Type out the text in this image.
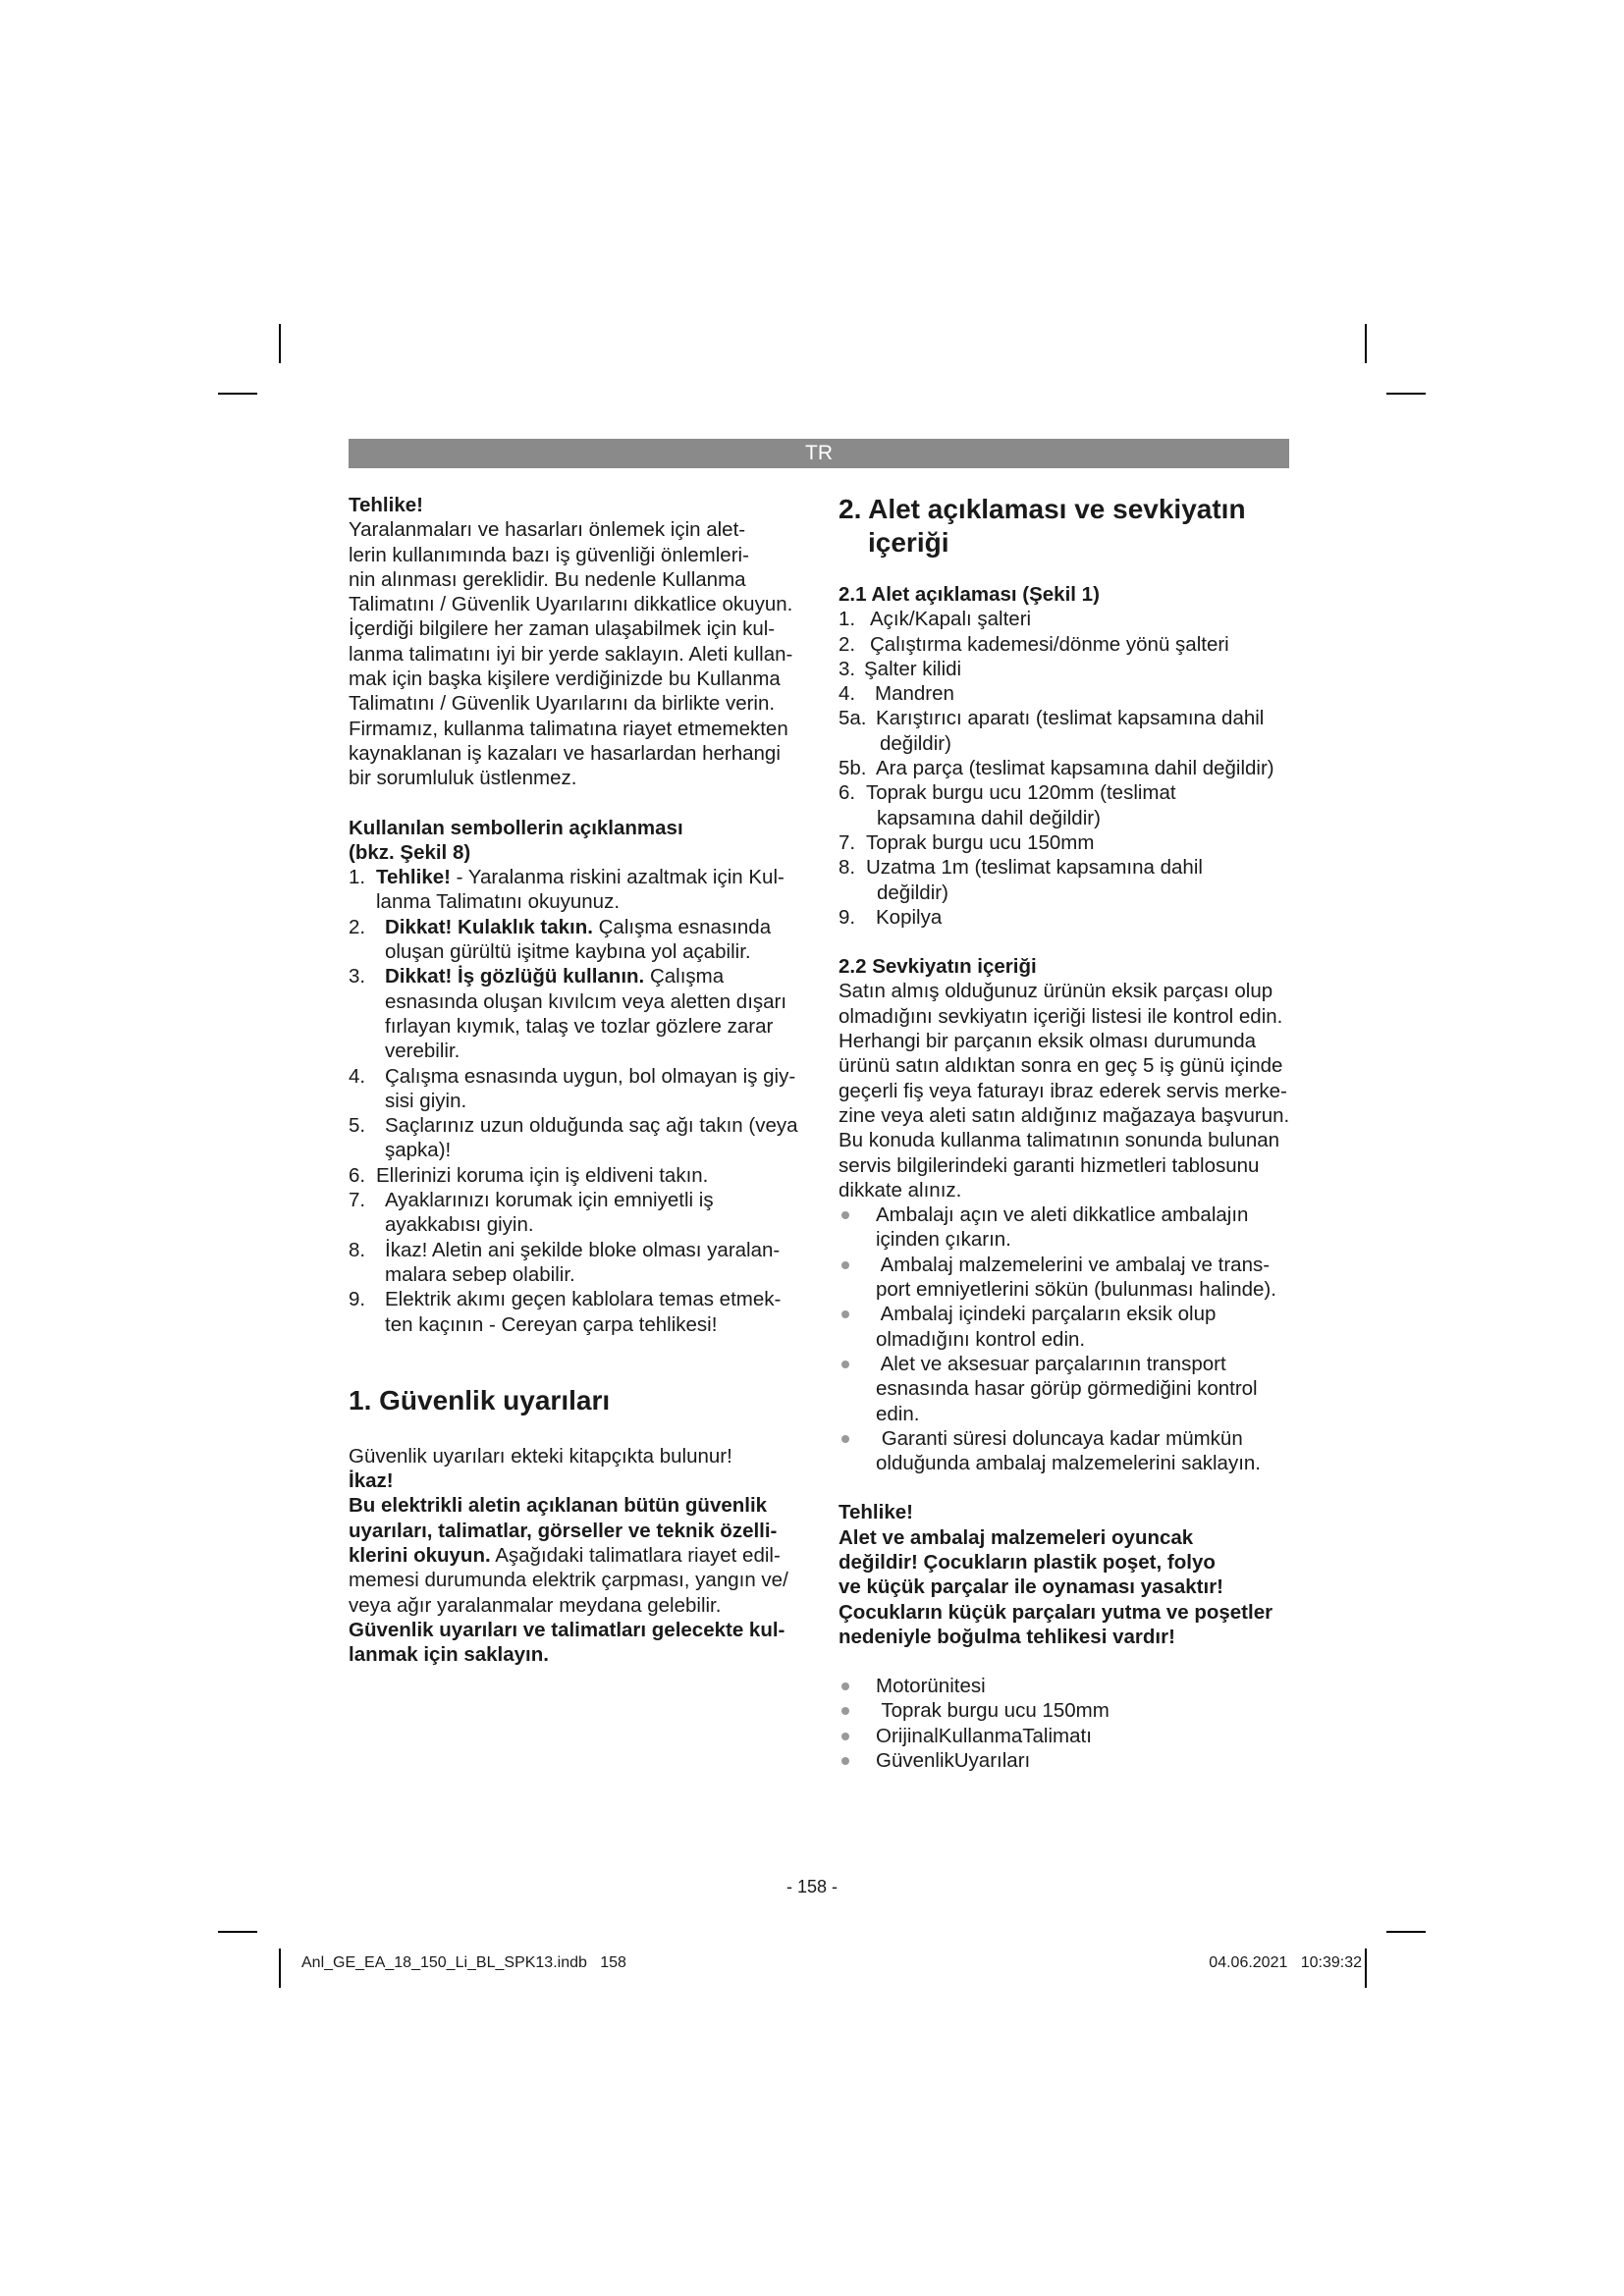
TR

Tehlike!

Yaralanmaları ve hasarları önlemek için alet-

lerin kullanımında bazı iş güvenliği önlemleri-

nin alınması gereklidir. Bu nedenle Kullanma

Talimatını / Güvenlik Uyarılarını dikkatlice okuyun.

İçerdiği bilgilere her zaman ulaşabilmek için kul-

lanma talimatını iyi bir yerde saklayın. Aleti kullan-

mak için başka kişilere verdiğinizde bu Kullanma

Talimatını / Güvenlik Uyarılarını da birlikte verin.

Firmamız, kullanma talimatına riayet etmemekten

kaynaklanan iş kazaları ve hasarlardan herhangi

bir sorumluluk üstlenmez.

Kullanılan sembollerin açıklanması

(bkz. Şekil 8)

1. Tehlike! - Yaralanma riskini azaltmak için Kul-

lanma Talimatını okuyunuz.

2. Dikkat! Kulaklık takın. Çalışma esnasında

oluşan gürültü işitme kaybına yol açabilir.

3. Dikkat! İş gözlüğü kullanın. Çalışma

esnasında oluşan kıvılcım veya aletten dışarı

fırlayan kıymık, talaş ve tozlar gözlere zarar

verebilir.

4. Çalışma esnasında uygun, bol olmayan iş giy-

sisi giyin.

5. Saçlarınız uzun olduğunda saç ağı takın (veya

şapka)!

6. Ellerinizi koruma için iş eldiveni takın.

7. Ayaklarınızı korumak için emniyetli iş

ayakkabısı giyin.

8. İkaz! Aletin ani şekilde bloke olması yaralan-

malara sebep olabilir.

9. Elektrik akımı geçen kablolara temas etmek-

ten kaçının - Cereyan çarpa tehlikesi!

1. Güvenlik uyarıları

Güvenlik uyarıları ekteki kitapçıkta bulunur!

İkaz!

Bu elektrikli aletin açıklanan bütün güvenlik

uyarıları, talimatlar, görseller ve teknik özelli-

klerini okuyun. Aşağıdaki talimatlara riayet edil-

memesi durumunda elektrik çarpması, yangın ve/

veya ağır yaralanmalar meydana gelebilir.

Güvenlik uyarıları ve talimatları gelecekte kul-

lanmak için saklayın.

2. Alet açıklaması ve sevkiyatın

içeriği

2.1 Alet açıklaması (Şekil 1)

1. Açık/Kapalı şalteri

2. Çalıştırma kademesi/dönme yönü şalteri

3. Şalter kilidi

4. Mandren

5a. Karıştırıcı aparatı (teslimat kapsamına dahil

değildir)

5b. Ara parça (teslimat kapsamına dahil değildir)

6. Toprak burgu ucu 120mm (teslimat

kapsamına dahil değildir)

7. Toprak burgu ucu 150mm

8. Uzatma 1m (teslimat kapsamına dahil

değildir)

9. Kopilya

2.2 Sevkiyatın içeriği

Satın almış olduğunuz ürünün eksik parçası olup

olmadığını sevkiyatın içeriği listesi ile kontrol edin.

Herhangi bir parçanın eksik olması durumunda

ürünü satın aldıktan sonra en geç 5 iş günü içinde

geçerli fiş veya faturayı ibraz ederek servis merke-

zine veya aleti satın aldığınız mağazaya başvurun.

Bu konuda kullanma talimatının sonunda bulunan

servis bilgilerindeki garanti hizmetleri tablosunu

dikkate alınız.

Ambalajı açın ve aleti dikkatlice ambalajın

içinden çıkarın.

Ambalaj malzemelerini ve ambalaj ve trans-

port emniyetlerini sökün (bulunması halinde).

Ambalaj içindeki parçaların eksik olup

olmadığını kontrol edin.

Alet ve aksesuar parçalarının transport

esnasında hasar görüp görmediğini kontrol

edin.

Garanti süresi doluncaya kadar mümkün

olduğunda ambalaj malzemelerini saklayın.

Tehlike!

Alet ve ambalaj malzemeleri oyuncak

değildir! Çocukların plastik poşet, folyo

ve küçük parçalar ile oynaması yasaktır!

Çocukların küçük parçaları yutma ve poşetler

nedeniyle boğulma tehlikesi vardır!

Motorünitesi

Toprak burgu ucu 150mm

OrijinalKullanmaTalimatı

GüvenlikUyarıları

- 158 -
Anl_GE_EA_18_150_Li_BL_SPK13.indb   158	04.06.2021   10:39:32
